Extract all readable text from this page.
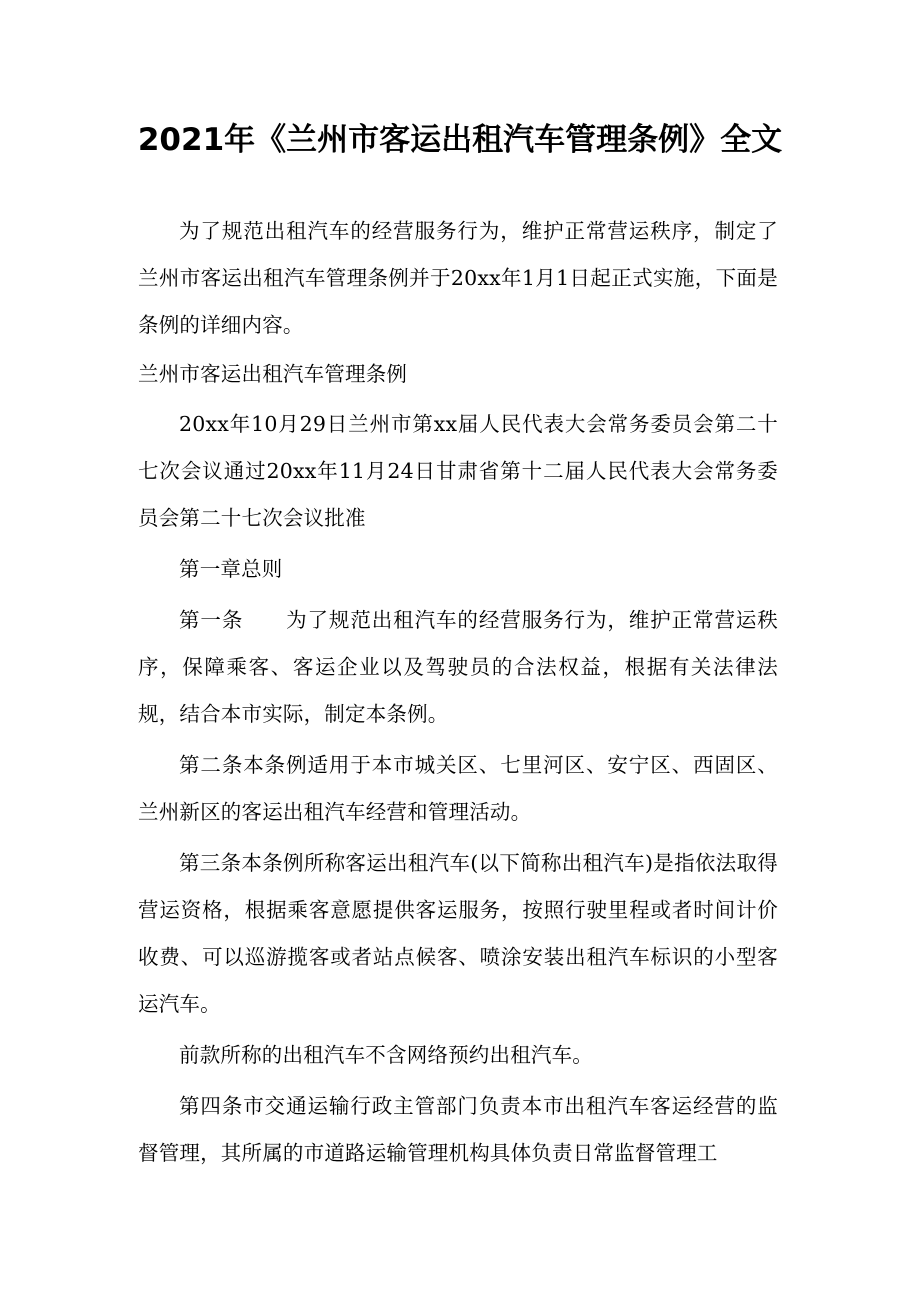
2021年《兰州市客运出租汽车管理条例》全文

为了规范出租汽车的经营服务行为，维护正常营运秩序，制定了兰州市客运出租汽车管理条例并于20xx年1月1日起正式实施，下面是条例的详细内容。

兰州市客运出租汽车管理条例

20xx年10月29日兰州市第xx届人民代表大会常务委员会第二十七次会议通过20xx年11月24日甘肃省第十二届人民代表大会常务委员会第二十七次会议批准

第一章总则

第一条　　为了规范出租汽车的经营服务行为，维护正常营运秩序，保障乘客、客运企业以及驾驶员的合法权益，根据有关法律法规，结合本市实际，制定本条例。

第二条本条例适用于本市城关区、七里河区、安宁区、西固区、兰州新区的客运出租汽车经营和管理活动。

第三条本条例所称客运出租汽车(以下简称出租汽车)是指依法取得营运资格，根据乘客意愿提供客运服务，按照行驶里程或者时间计价收费、可以巡游揽客或者站点候客、喷涂安装出租汽车标识的小型客运汽车。

前款所称的出租汽车不含网络预约出租汽车。

第四条市交通运输行政主管部门负责本市出租汽车客运经营的监督管理，其所属的市道路运输管理机构具体负责日常监督管理工
